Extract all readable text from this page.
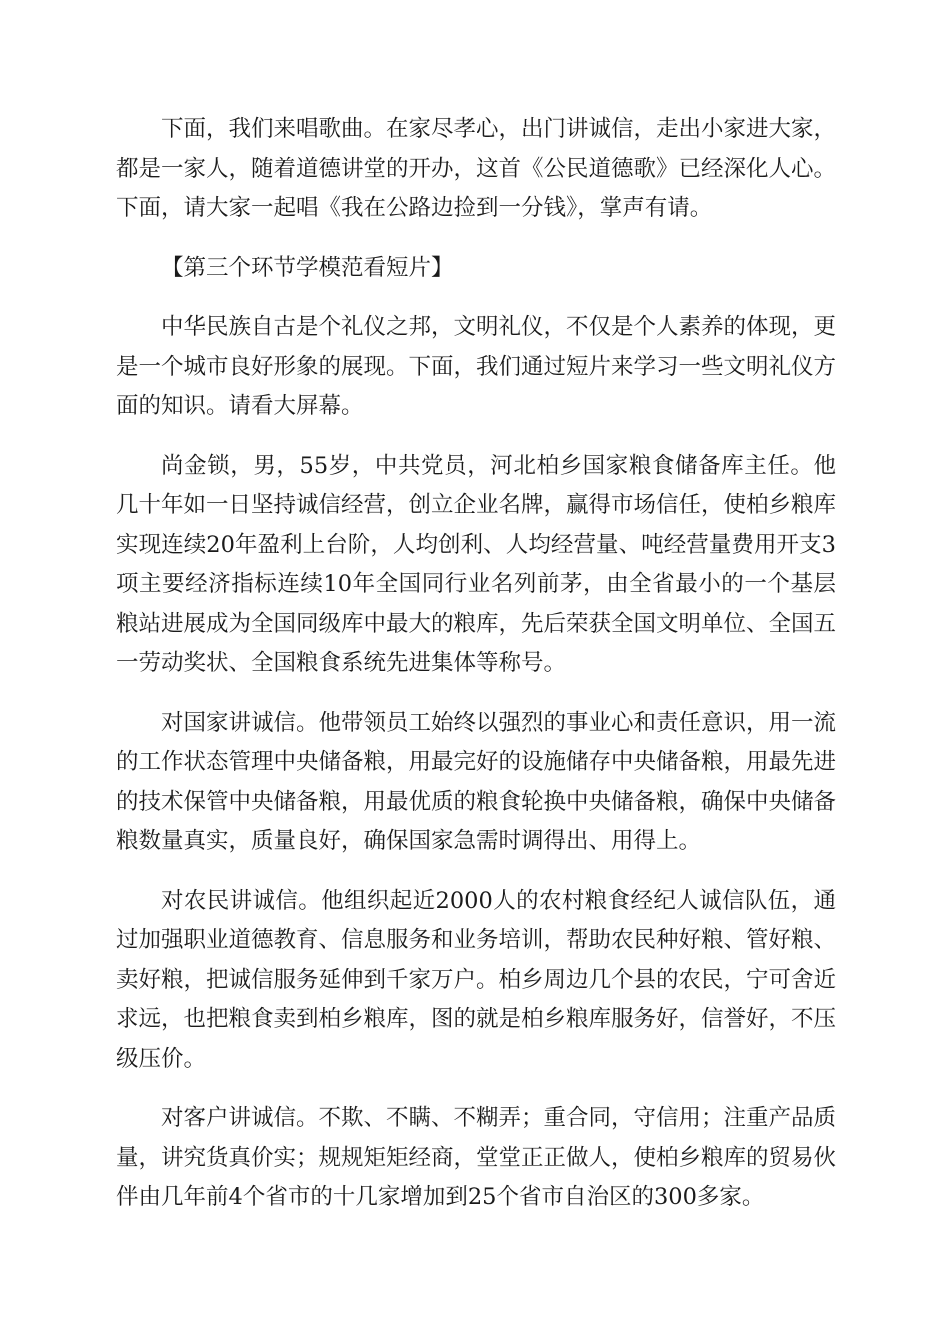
下面，我们来唱歌曲。在家尽孝心，出门讲诚信，走出小家进大家，都是一家人，随着道德讲堂的开办，这首《公民道德歌》已经深化人心。下面，请大家一起唱《我在公路边捡到一分钱》，掌声有请。

【第三个环节学模范看短片】

中华民族自古是个礼仪之邦，文明礼仪，不仅是个人素养的体现，更是一个城市良好形象的展现。下面，我们通过短片来学习一些文明礼仪方面的知识。请看大屏幕。

尚金锁，男，55岁，中共党员，河北柏乡国家粮食储备库主任。他几十年如一日坚持诚信经营，创立企业名牌，赢得市场信任，使柏乡粮库实现连续20年盈利上台阶，人均创利、人均经营量、吨经营量费用开支3项主要经济指标连续10年全国同行业名列前茅，由全省最小的一个基层粮站进展成为全国同级库中最大的粮库，先后荣获全国文明单位、全国五一劳动奖状、全国粮食系统先进集体等称号。

对国家讲诚信。他带领员工始终以强烈的事业心和责任意识，用一流的工作状态管理中央储备粮，用最完好的设施储存中央储备粮，用最先进的技术保管中央储备粮，用最优质的粮食轮换中央储备粮，确保中央储备粮数量真实，质量良好，确保国家急需时调得出、用得上。

对农民讲诚信。他组织起近2000人的农村粮食经纪人诚信队伍，通过加强职业道德教育、信息服务和业务培训，帮助农民种好粮、管好粮、卖好粮，把诚信服务延伸到千家万户。柏乡周边几个县的农民，宁可舍近求远，也把粮食卖到柏乡粮库，图的就是柏乡粮库服务好，信誉好，不压级压价。

对客户讲诚信。不欺、不瞒、不糊弄；重合同，守信用；注重产品质量，讲究货真价实；规规矩矩经商，堂堂正正做人，使柏乡粮库的贸易伙伴由几年前4个省市的十几家增加到25个省市自治区的300多家。
